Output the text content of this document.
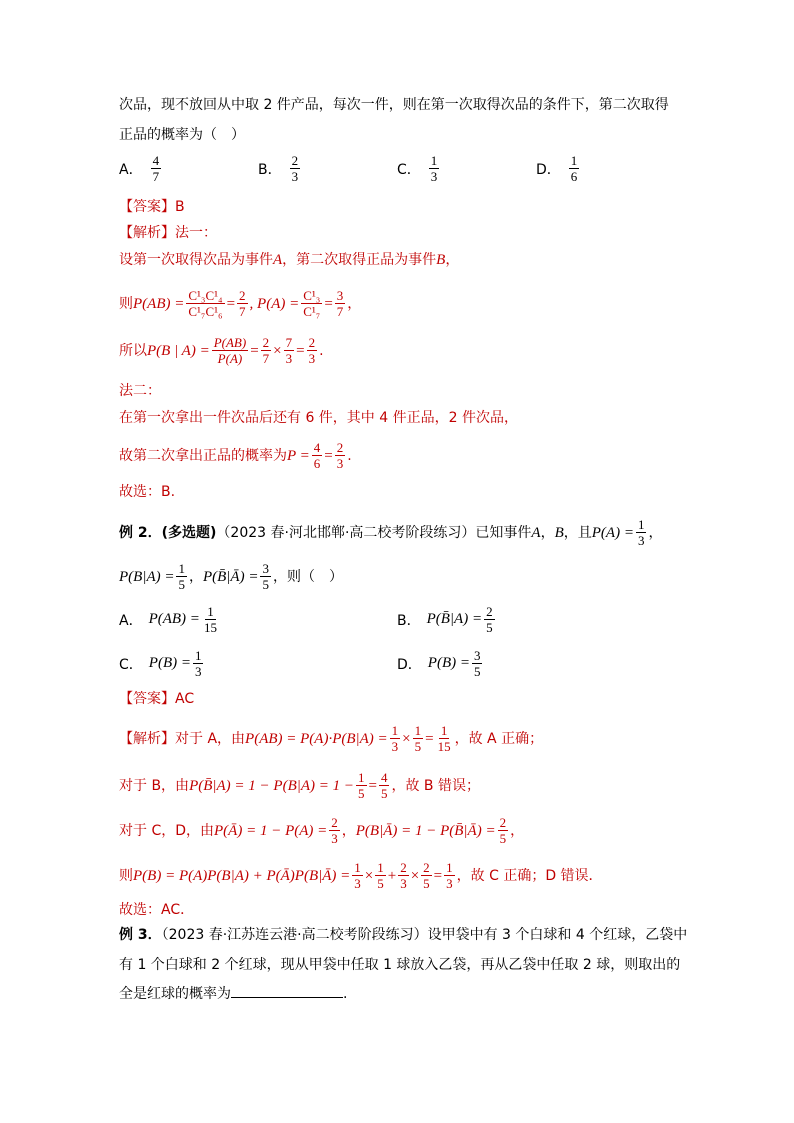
次品，现不放回从中取 2 件产品，每次一件，则在第一次取得次品的条件下，第二次取得
正品的概率为（　）
A． $\frac{4}{7}$	B． $\frac{2}{3}$	C． $\frac{1}{3}$	D． $\frac{1}{6}$
【答案】B
【解析】法一：
设第一次取得次品为事件A，第二次取得正品为事件B，
则 $P(AB) = \frac{\text{C¹₃C¹₄}}{\text{C¹₇C¹₆}} = \frac{2}{7}$ , $P(A) = \frac{\text{C¹₃}}{\text{C¹₇}} = \frac{3}{7}$ ，
所以 P(B | $A) = \frac{P(AB)}{P(A)} = \frac{2}{7} \times \frac{7}{3} = \frac{2}{3}$ .
法二：
在第一次拿出一件次品后还有 6 件，其中 4 件正品，2 件次品，
故第二次拿出正品的概率为 $P = \frac{4}{6} = \frac{2}{3}$ .
故选：B.
例 2．(多选题) （2023 春·河北邯郸·高二校考阶段练习）已知事件 A ， B ，且 $P(A) = \frac{1}{3}$ ，
$P(B|A) = \frac{1}{5}$ ， P(B̄|Ā) = $\frac{3}{5}$ ，则（　）
A． $P(AB) = \frac{1}{15}$	B． P(B̄|A) = $\frac{2}{5}$
C． $P(B) = \frac{1}{3}$	D． $P(B) = \frac{3}{5}$
【答案】AC
【解析】 对于 A，由 $P(AB) = P(A)\cdot P(B|A) = \frac{1}{3} \times \frac{1}{5} = \frac{1}{15}$ ，故 A 正确；
对于 B，由 P(B̄|A) = $1 - P(B|A) = 1 - \frac{1}{5} = \frac{4}{5}$ ，故 B 错误；
对于 C，D，由 P(Ā) = $1 - P(A) = \frac{2}{3}$ ， P(B|Ā) = 1 − P(B̄|Ā) = $\frac{2}{5}$ ，
则 P(B) = P(A)P(B|A) + P(Ā)P(B|Ā) = $\frac{1}{3} \times \frac{1}{5} + \frac{2}{3} \times \frac{2}{5} = \frac{1}{3}$ ，故 C 正确；D 错误．
故选：AC．
例 3．（2023 春·江苏连云港·高二校考阶段练习）设甲袋中有 3 个白球和 4 个红球，乙袋中
有 1 个白球和 2 个红球，现从甲袋中任取 1 球放入乙袋，再从乙袋中任取 2 球，则取出的
全是红球的概率为	.
